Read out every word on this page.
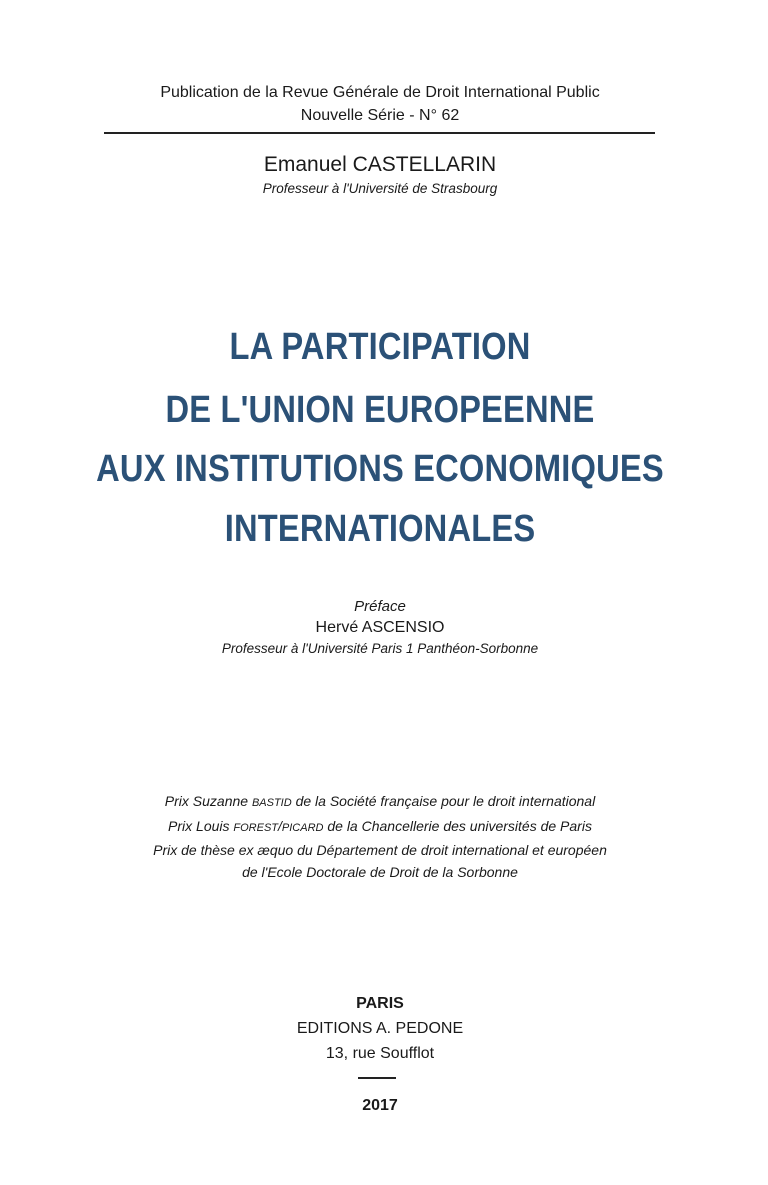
Publication de la Revue Générale de Droit International Public
Nouvelle Série - N° 62
Emanuel CASTELLARIN
Professeur à l'Université de Strasbourg
LA PARTICIPATION
DE L'UNION EUROPEENNE
AUX INSTITUTIONS ECONOMIQUES
INTERNATIONALES
Préface
Hervé ASCENSIO
Professeur à l'Université Paris 1 Panthéon-Sorbonne
Prix Suzanne BASTID de la Société française pour le droit international
Prix Louis FOREST/PICARD de la Chancellerie des universités de Paris
Prix de thèse ex æquo du Département de droit international et européen
de l'Ecole Doctorale de Droit de la Sorbonne
PARIS
EDITIONS A. PEDONE
13, rue Soufflot
2017
